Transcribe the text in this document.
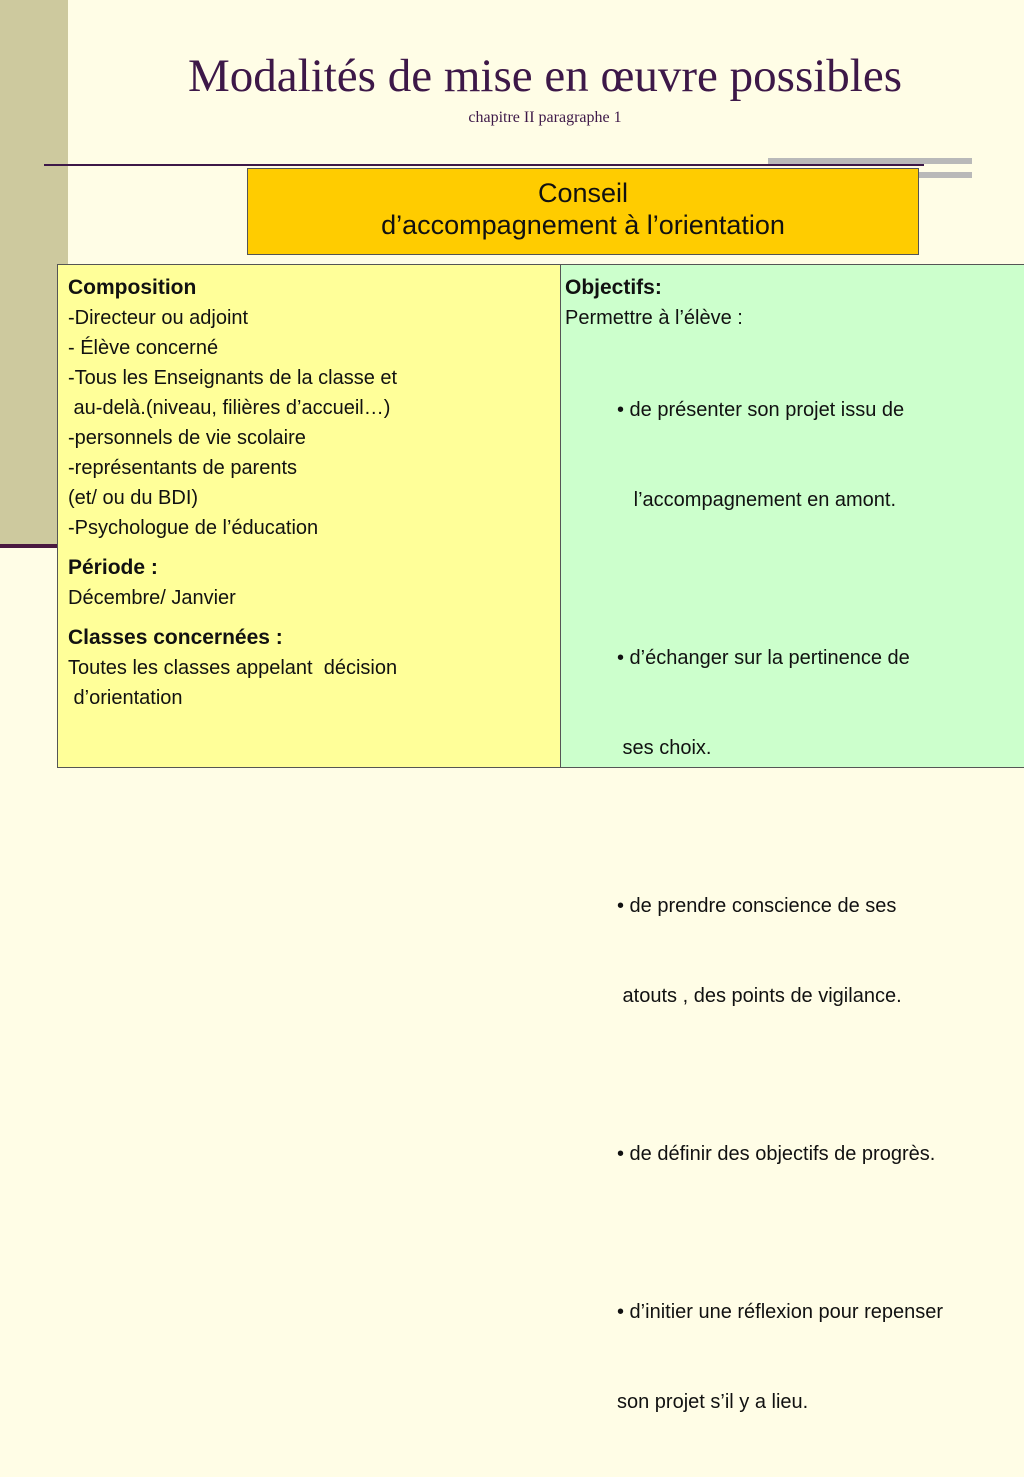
Modalités de mise en œuvre possibles
chapitre II paragraphe 1
Conseil
d’accompagnement à l’orientation
Composition
-Directeur ou adjoint
- Élève concerné
-Tous les Enseignants de la classe et
au-delà.(niveau, filières d’accueil…)
-personnels de vie scolaire
-représentants de parents
(et/ ou du BDI)
-Psychologue de l’éducation
Période :
Décembre/ Janvier
Classes concernées :
Toutes les classes appelant  décision
d’orientation
Objectifs:
Permettre à l’élève :

• de présenter son projet issu de

l’accompagnement en amont.

• d’échanger sur la pertinence de

ses choix.

• de prendre conscience de ses

atouts , des points de vigilance.

• de définir des objectifs de progrès.

• d’initier une réflexion pour repenser

son projet s’il y a lieu.
